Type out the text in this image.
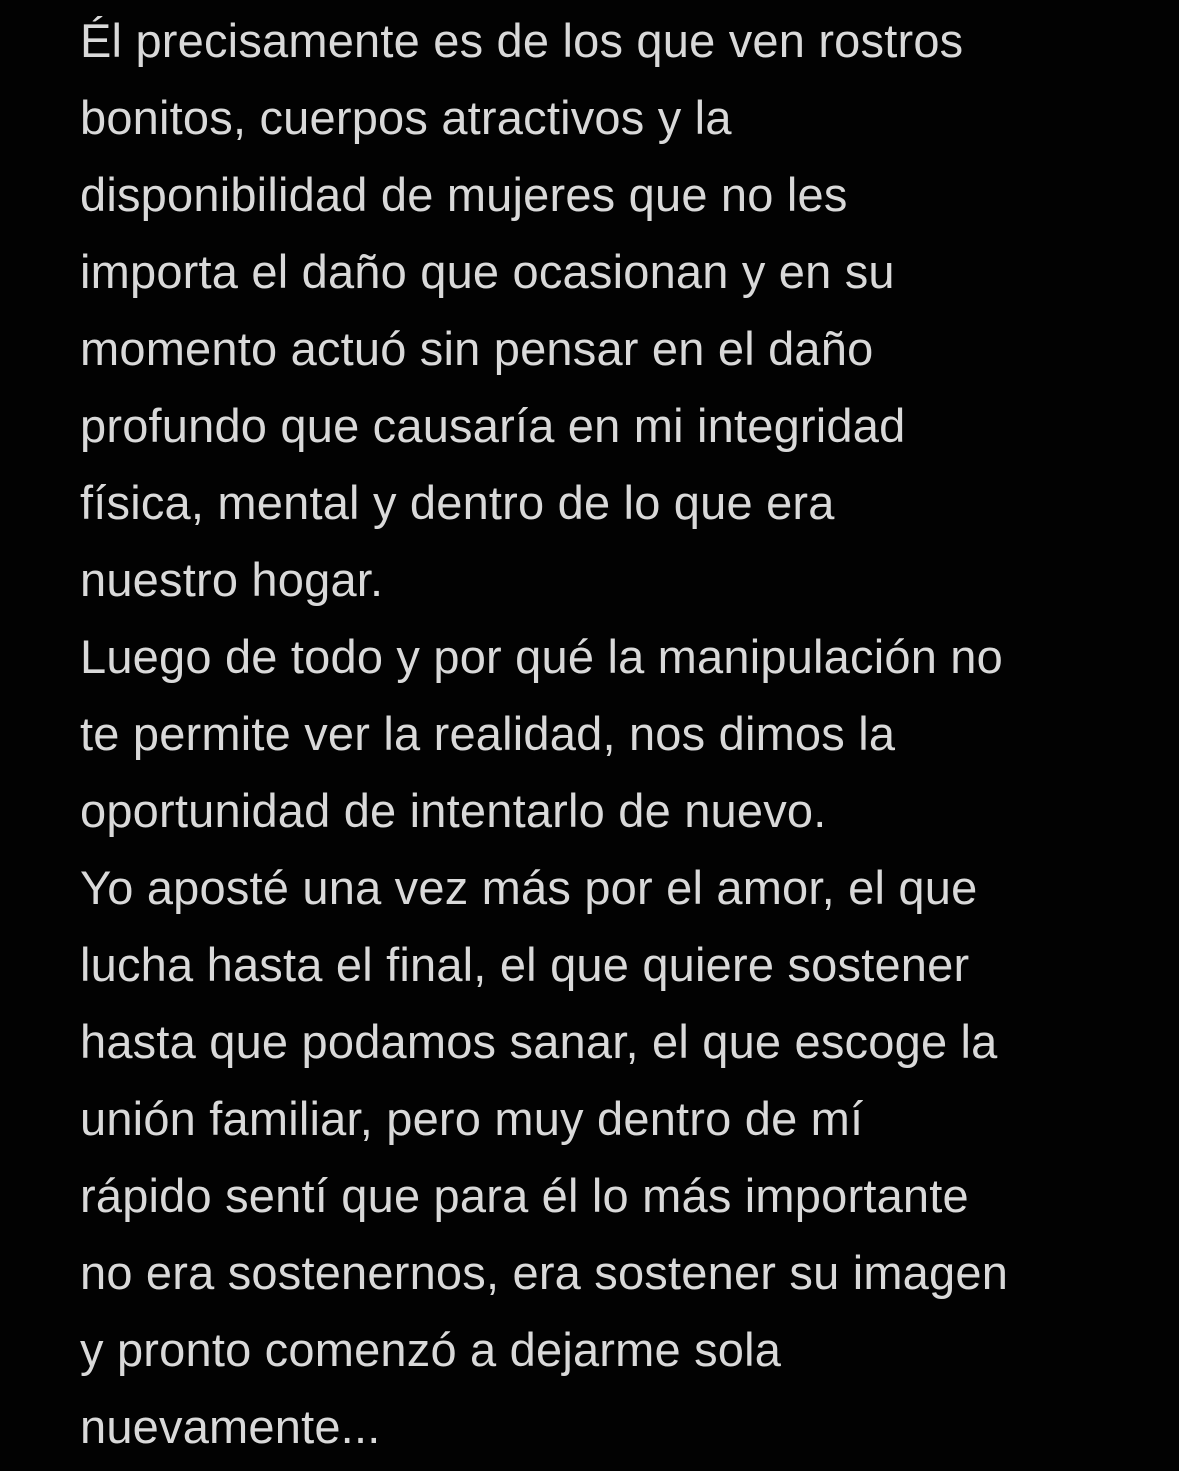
Él precisamente es de los que ven rostros
bonitos, cuerpos atractivos y la
disponibilidad de mujeres que no les
importa el daño que ocasionan y en su
momento actuó sin pensar en el daño
profundo que causaría en mi integridad
física, mental y dentro de lo que era
nuestro hogar.
Luego de todo y por qué la manipulación no
te permite ver la realidad, nos dimos la
oportunidad de intentarlo de nuevo.
Yo aposté una vez más por el amor, el que
lucha hasta el final, el que quiere sostener
hasta que podamos sanar, el que escoge la
unión familiar, pero muy dentro de mí
rápido sentí que para él lo más importante
no era sostenernos, era sostener su imagen
y pronto comenzó a dejarme sola
nuevamente...
